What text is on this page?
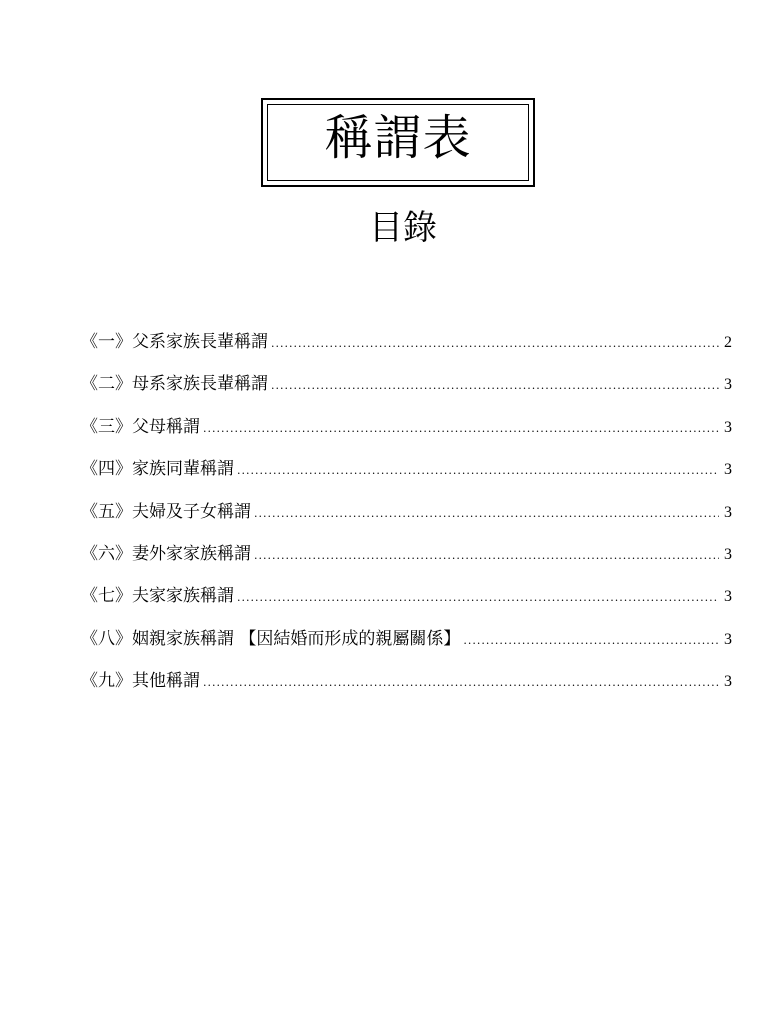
稱謂表
目錄
《一》父系家族長輩稱謂 .....	2
《二》母系家族長輩稱謂 .....	3
《三》父母稱謂 .....	3
《四》家族同輩稱謂 .....	3
《五》夫婦及子女稱謂 .....	3
《六》妻外家家族稱謂 .....	3
《七》夫家家族稱謂 .....	3
《八》姻親家族稱謂 【因結婚而形成的親屬關係】 .....	3
《九》其他稱謂 .....	3
